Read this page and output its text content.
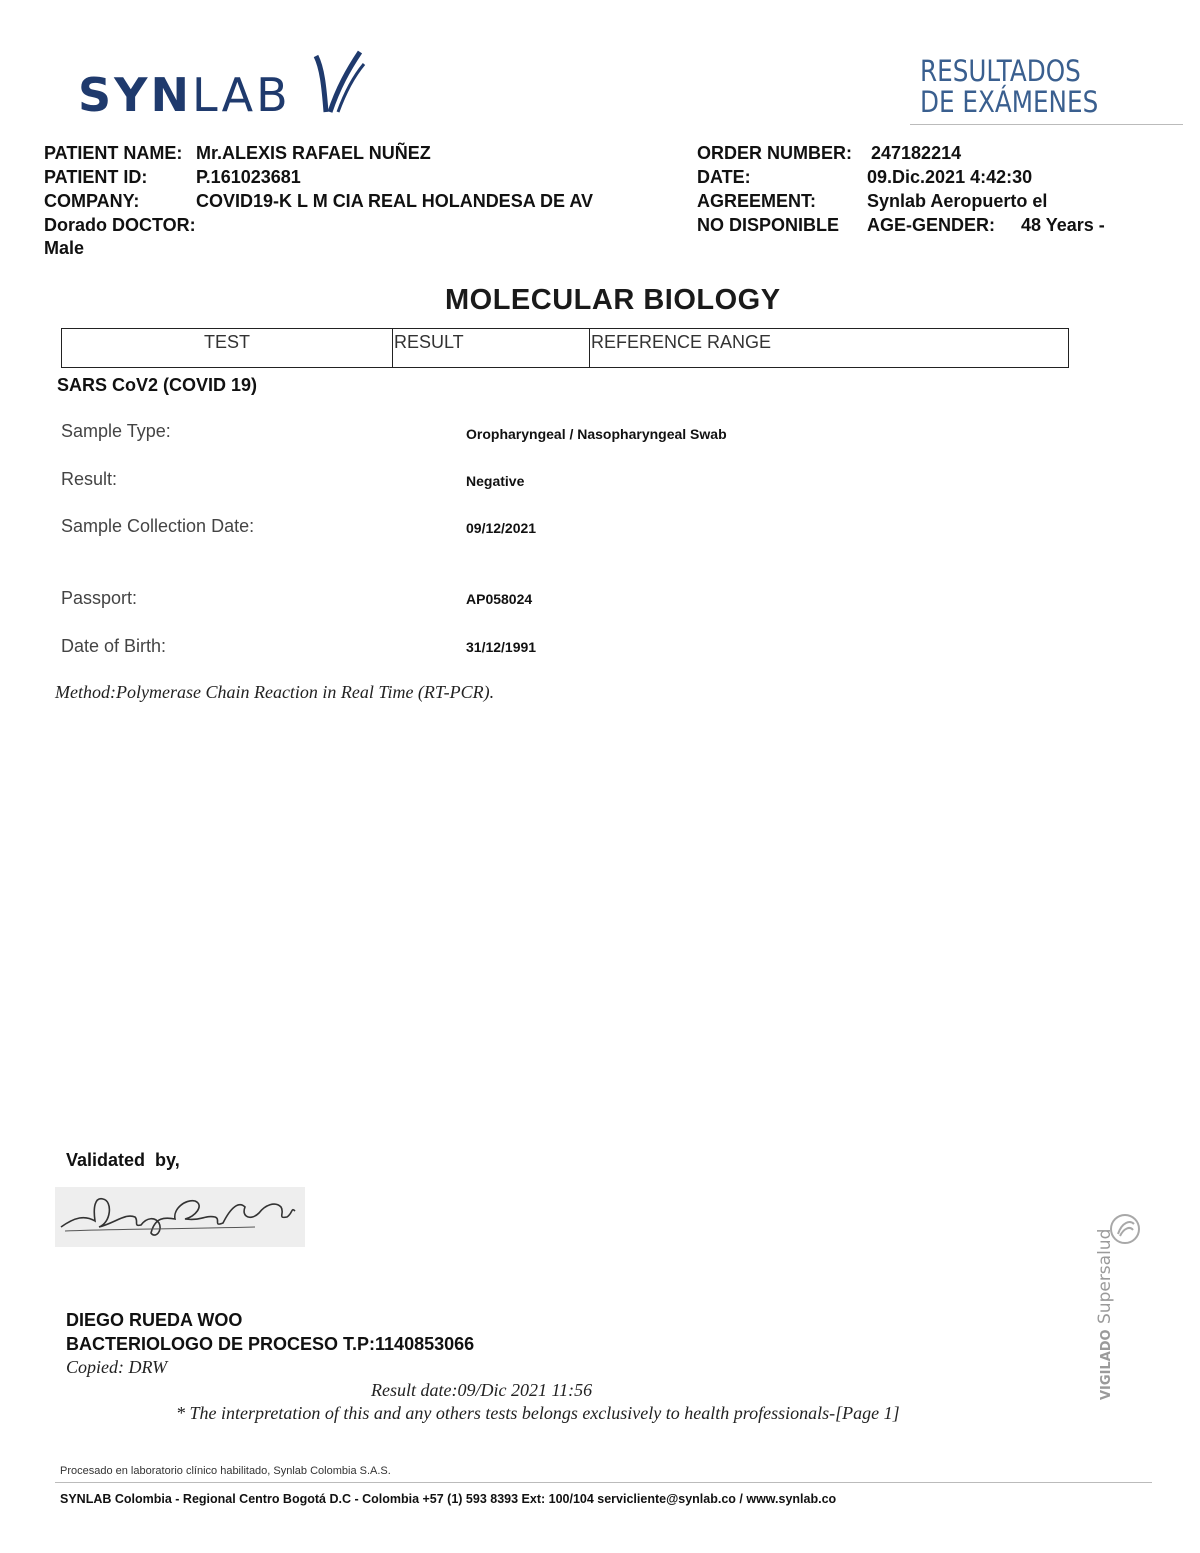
SYNLAB	RESULTADOS
DE EXÁMENES
PATIENT NAME: Mr.ALEXIS RAFAEL NUÑEZ
PATIENT ID:	P.161023681
COMPANY:	COVID19-K L M CIA REAL HOLANDESA DE AV
Dorado DOCTOR:
Male
ORDER NUMBER: 247182214
DATE:	09.Dic.2021 4:42:30
AGREEMENT:	Synlab Aeropuerto el
NO DISPONIBLE AGE-GENDER: 48 Years -
MOLECULAR BIOLOGY
TEST	RESULT	REFERENCE RANGE
SARS CoV2 (COVID 19)
Sample Type:	Oropharyngeal / Nasopharyngeal Swab
Result:	Negative
Sample Collection Date:	09/12/2021
Passport:	AP058024
Date of Birth:	31/12/1991
Method:Polymerase Chain Reaction in Real Time (RT-PCR).
Validated  by,
DIEGO RUEDA WOO
BACTERIOLOGO DE PROCESO T.P:1140853066
Copied: DRW
Result date:09/Dic 2021 11:56
* The interpretation of this and any others tests belongs exclusively to health professionals-[Page 1]
VIGILADO Supersalud
Procesado en laboratorio clínico habilitado, Synlab Colombia S.A.S.
SYNLAB Colombia - Regional Centro Bogotá D.C - Colombia +57 (1) 593 8393 Ext: 100/104 servicliente@synlab.co / www.synlab.co
